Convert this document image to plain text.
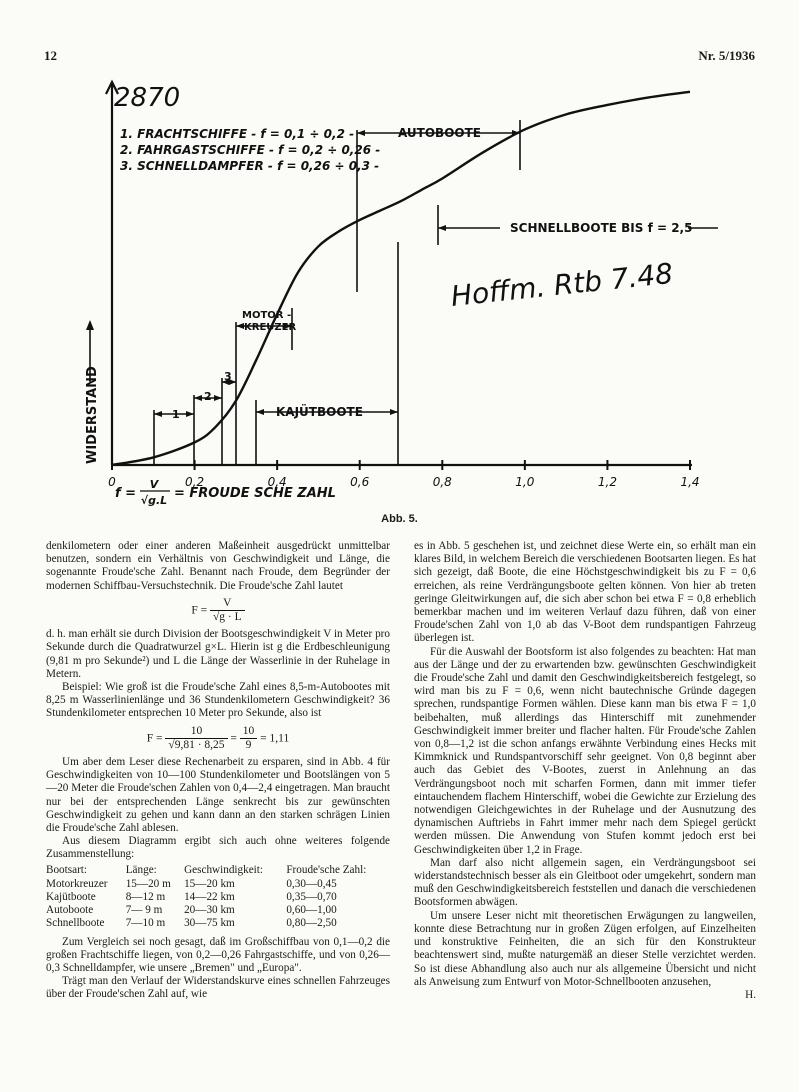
12	Nr. 5/1936
0	0,2	0,4	0,6	0,8	1,0	1,2	1,4
2870
1. FRACHTSCHIFFE - f = 0,1 ÷ 0,2 -
2. FAHRGASTSCHIFFE - f = 0,2 ÷ 0,26 -
3. SCHNELLDAMPFER - f = 0,26 ÷ 0,3 -
AUTOBOOTE
SCHNELLBOOTE BIS f = 2,5
MOTOR -
KREUZER
KAJÜTBOOTE
1
2
3
Hoffm. Rtb 7.48
WIDERSTAND
f =
V
√g.L = FROUDE SCHE ZAHL
Abb. 5.

denkilometern oder einer anderen Maßeinheit ausgedrückt unmittelbar benutzen, sondern ein Verhältnis von Geschwindigkeit und Länge, die sogenannte Froude'sche Zahl. Benannt nach Froude, dem Begründer der modernen Schiffbau-Versuchstechnik. Die Froude'sche Zahl lautet

$F = \frac{V}{√g \cdot L}$

d. h. man erhält sie durch Division der Bootsgeschwindigkeit V in Meter pro Sekunde durch die Quadratwurzel g×L. Hierin ist g die Erdbeschleunigung (9,81 m pro Sekunde²) und L die Länge der Wasserlinie in der Ruhelage in Metern.

Beispiel: Wie groß ist die Froude'sche Zahl eines 8,5-m-Autobootes mit 8,25 m Wasserlinienlänge und 36 Stundenkilometern Geschwindigkeit? 36 Stundenkilometer entsprechen 10 Meter pro Sekunde, also ist

$F = \frac{10}{√9,81 \cdot 8,25} = \frac{10}{9} = 1,11$

Um aber dem Leser diese Rechenarbeit zu ersparen, sind in Abb. 4 für Geschwindigkeiten von 10—100 Stundenkilometer und Bootslängen von 5—20 Meter die Froude'schen Zahlen von 0,4—2,4 eingetragen. Man braucht nur bei der entsprechenden Länge senkrecht bis zur gewünschten Geschwindigkeit zu gehen und kann dann an den starken schrägen Linien die Froude'sche Zahl ablesen.

Aus diesem Diagramm ergibt sich auch ohne weiteres folgende Zusammenstellung:

Bootsart:	Länge:	Geschwindigkeit:	Froude'sche Zahl:
Motorkreuzer	15—20 m	15—20 km	0,30—0,45
Kajütboote	8—12 m	14—22 km	0,35—0,70
Autoboote	7— 9 m	20—30 km	0,60—1,00
Schnellboote	7—10 m	30—75 km	0,80—2,50

Zum Vergleich sei noch gesagt, daß im Großschiffbau von 0,1—0,2 die großen Frachtschiffe liegen, von 0,2—0,26 Fahrgastschiffe, und von 0,26—0,3 Schnelldampfer, wie unsere „Bremen" und „Europa".

Trägt man den Verlauf der Widerstandskurve eines schnellen Fahrzeuges über der Froude'schen Zahl auf, wie

es in Abb. 5 geschehen ist, und zeichnet diese Werte ein, so erhält man ein klares Bild, in welchem Bereich die verschiedenen Bootsarten liegen. Es hat sich gezeigt, daß Boote, die eine Höchstgeschwindigkeit bis zu F = 0,6 erreichen, als reine Verdrängungsboote gelten können. Von hier ab treten geringe Gleitwirkungen auf, die sich aber schon bei etwa F = 0,8 erheblich bemerkbar machen und im weiteren Verlauf dazu führen, daß von einer Froude'schen Zahl von 1,0 ab das V-Boot dem rundspantigen Fahrzeug überlegen ist.

Für die Auswahl der Bootsform ist also folgendes zu beachten: Hat man aus der Länge und der zu erwartenden bzw. gewünschten Geschwindigkeit die Froude'sche Zahl und damit den Geschwindigkeitsbereich festgelegt, so wird man bis zu F = 0,6, wenn nicht bautechnische Gründe dagegen sprechen, rundspantige Formen wählen. Diese kann man bis etwa F = 1,0 beibehalten, muß allerdings das Hinterschiff mit zunehmender Geschwindigkeit immer breiter und flacher halten. Für Froude'sche Zahlen von 0,8—1,2 ist die schon anfangs erwähnte Verbindung eines Hecks mit Kimmknick und Rundspantvorschiff sehr geeignet. Von 0,8 beginnt aber auch das Gebiet des V-Bootes, zuerst in Anlehnung an das Verdrängungsboot noch mit scharfen Formen, dann mit immer tiefer eintauchendem flachem Hinterschiff, wobei die Gewichte zur Erzielung des notwendigen Gleichgewichtes in der Ruhelage und der Ausnutzung des dynamischen Auftriebs in Fahrt immer mehr nach dem Spiegel gerückt werden müssen. Die Anwendung von Stufen kommt jedoch erst bei Geschwindigkeiten über 1,2 in Frage.

Man darf also nicht allgemein sagen, ein Verdrängungsboot sei widerstandstechnisch besser als ein Gleitboot oder umgekehrt, sondern man muß den Geschwindigkeitsbereich feststellen und danach die verschiedenen Bootsformen abwägen.

Um unsere Leser nicht mit theoretischen Erwägungen zu langweilen, konnte diese Betrachtung nur in großen Zügen erfolgen, auf Einzelheiten und konstruktive Feinheiten, die an sich für den Konstrukteur beachtenswert sind, mußte naturgemäß an dieser Stelle verzichtet werden. So ist diese Abhandlung also auch nur als allgemeine Übersicht und nicht als Anweisung zum Entwurf von Motor-Schnellbooten anzusehen,

H.
